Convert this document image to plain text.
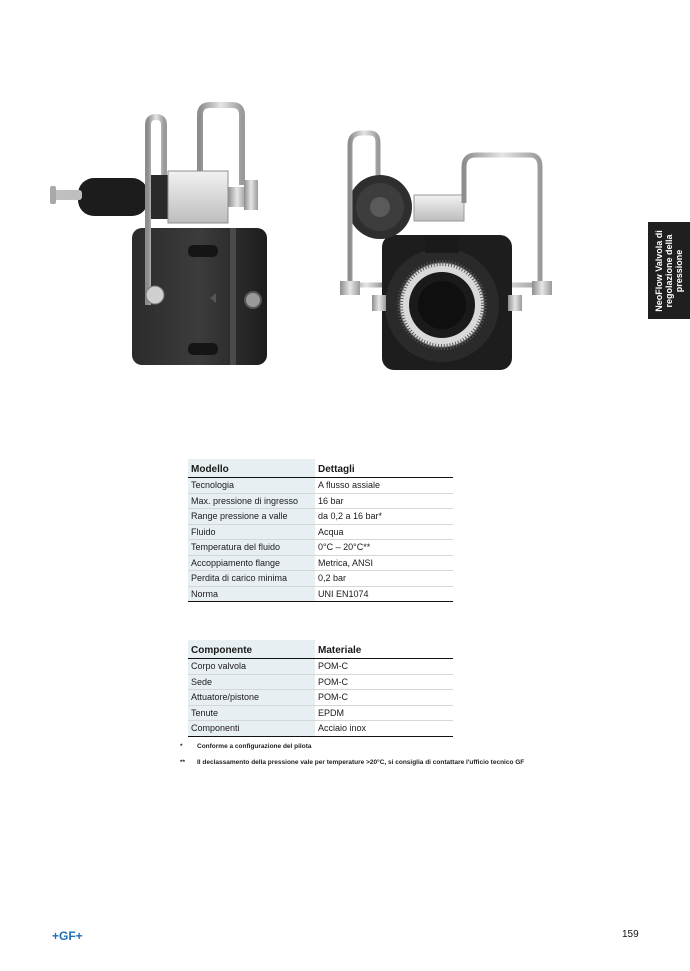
NeoFlow Valvola di regolazione della pressione
Modello	Dettagli
Tecnologia	A flusso assiale
Max. pressione di ingresso	16 bar
Range pressione a valle	da 0,2 a 16 bar*
Fluido	Acqua
Temperatura del fluido	0°C – 20°C**
Accoppiamento flange	Metrica, ANSI
Perdita di carico minima	0,2 bar
Norma	UNI EN1074
Componente	Materiale
Corpo valvola	POM-C
Sede	POM-C
Attuatore/pistone	POM-C
Tenute	EPDM
Componenti	Acciaio inox
* Conforme a configurazione del pilota
** Il declassamento della pressione vale per temperature >20°C, si consiglia di contattare l'ufficio tecnico GF
+GF+	159
